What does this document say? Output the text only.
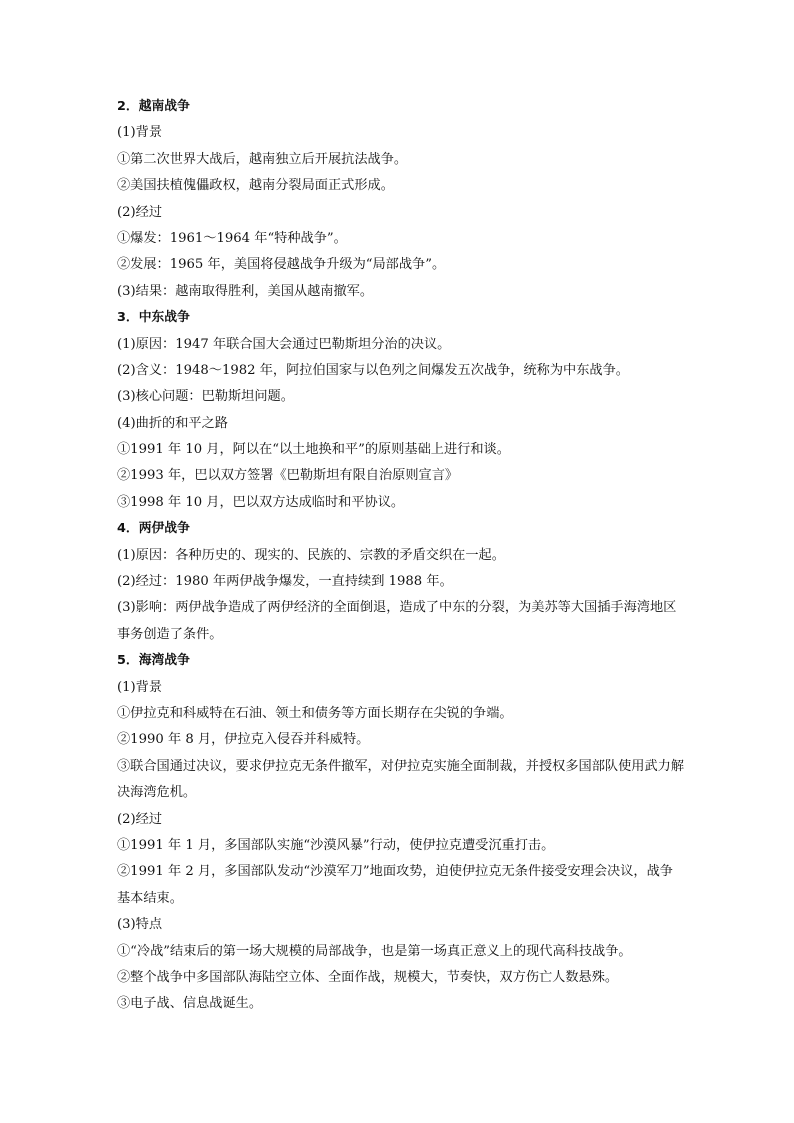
2．越南战争
(1)背景
①第二次世界大战后，越南独立后开展抗法战争。
②美国扶植傀儡政权，越南分裂局面正式形成。
(2)经过
①爆发：1961～1964 年“特种战争”。
②发展：1965 年，美国将侵越战争升级为“局部战争”。
(3)结果：越南取得胜利，美国从越南撤军。
3．中东战争
(1)原因：1947 年联合国大会通过巴勒斯坦分治的决议。
(2)含义：1948～1982 年，阿拉伯国家与以色列之间爆发五次战争，统称为中东战争。
(3)核心问题：巴勒斯坦问题。
(4)曲折的和平之路
①1991 年 10 月，阿以在“以土地换和平”的原则基础上进行和谈。
②1993 年，巴以双方签署《巴勒斯坦有限自治原则宣言》
③1998 年 10 月，巴以双方达成临时和平协议。
4．两伊战争
(1)原因：各种历史的、现实的、民族的、宗教的矛盾交织在一起。
(2)经过：1980 年两伊战争爆发，一直持续到 1988 年。
(3)影响：两伊战争造成了两伊经济的全面倒退，造成了中东的分裂，为美苏等大国插手海湾地区事务创造了条件。
5．海湾战争
(1)背景
①伊拉克和科威特在石油、领土和债务等方面长期存在尖锐的争端。
②1990 年 8 月，伊拉克入侵吞并科威特。
③联合国通过决议，要求伊拉克无条件撤军，对伊拉克实施全面制裁，并授权多国部队使用武力解决海湾危机。
(2)经过
①1991 年 1 月，多国部队实施“沙漠风暴”行动，使伊拉克遭受沉重打击。
②1991 年 2 月，多国部队发动“沙漠军刀”地面攻势，迫使伊拉克无条件接受安理会决议，战争基本结束。
(3)特点
①“冷战”结束后的第一场大规模的局部战争，也是第一场真正意义上的现代高科技战争。
②整个战争中多国部队海陆空立体、全面作战，规模大，节奏快，双方伤亡人数悬殊。
③电子战、信息战诞生。
